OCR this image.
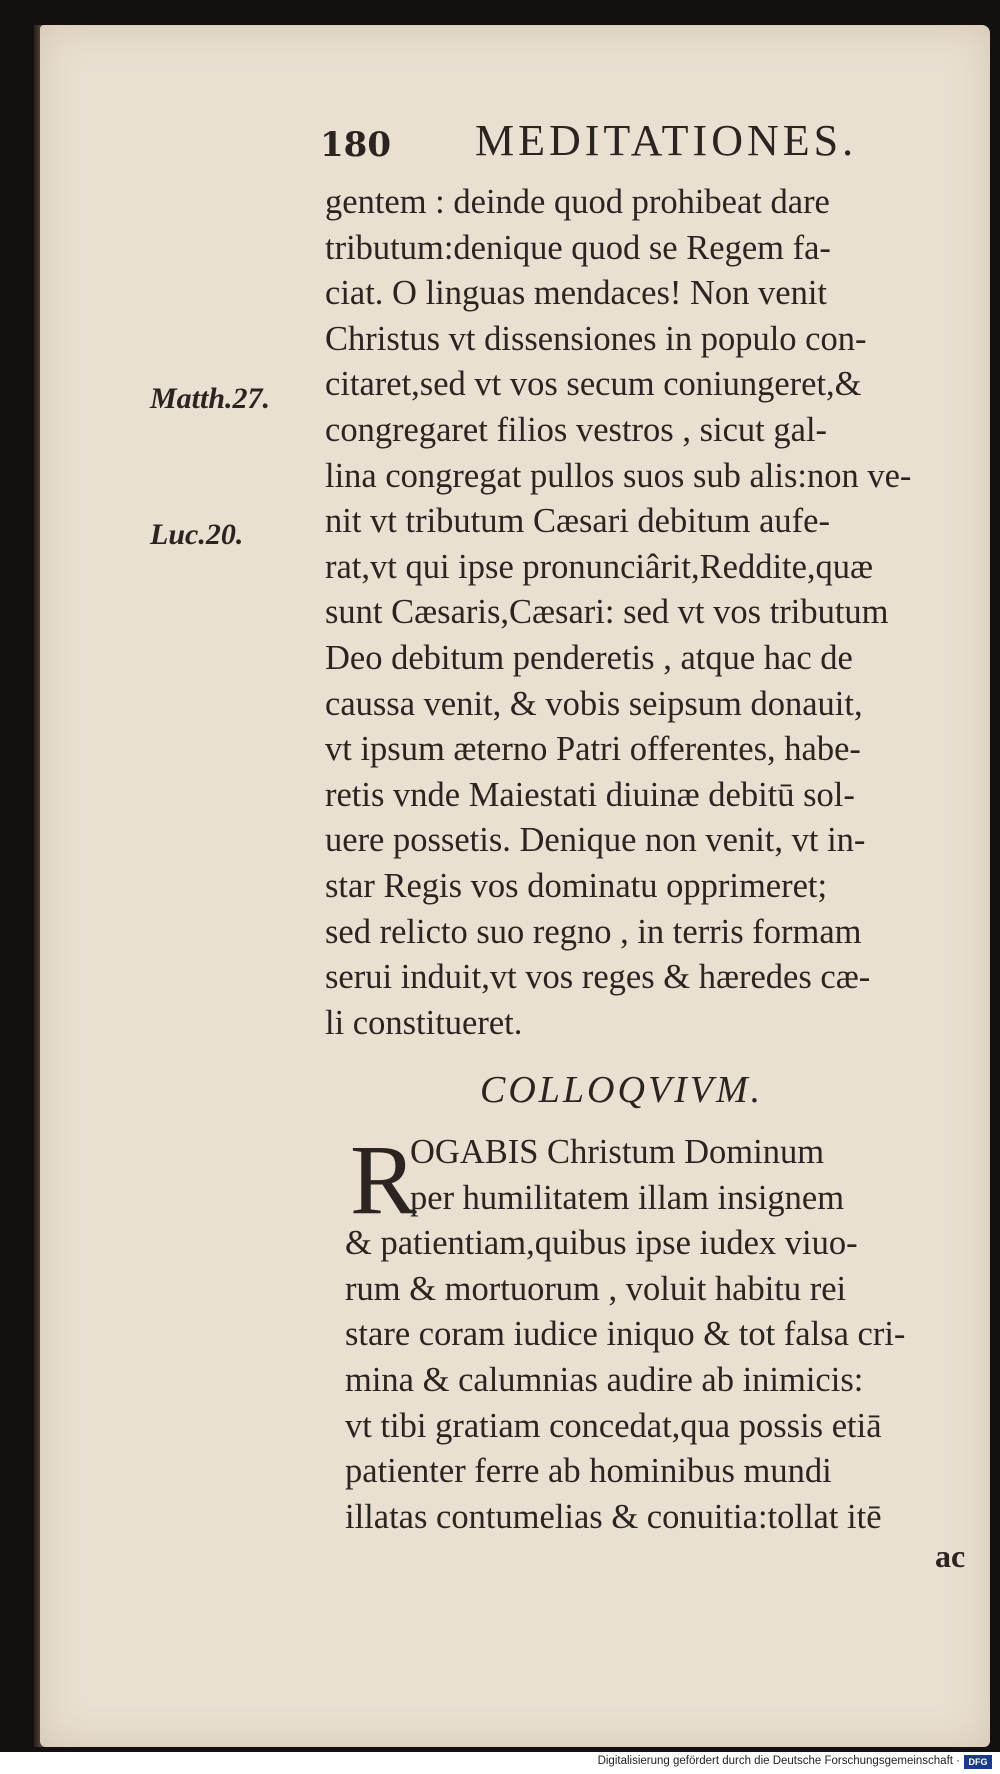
180 MEDITATIONES.
Matth.27.
Luc.20.
gentem : deinde quod prohibeat dare
tributum:denique quod se Regem fa-
ciat. O linguas mendaces! Non venit
Christus vt dissensiones in populo con-
citaret,sed vt vos secum coniungeret,&
congregaret filios vestros , sicut gal-
lina congregat pullos suos sub alis:non ve-
nit vt tributum Cæsari debitum aufe-
rat,vt qui ipse pronunciârit,Reddite,quæ
sunt Cæsaris,Cæsari: sed vt vos tributum
Deo debitum penderetis , atque hac de
caussa venit, & vobis seipsum donauit,
vt ipsum æterno Patri offerentes, habe-
retis vnde Maiestati diuinæ debitū sol-
uere possetis. Denique non venit, vt in-
star Regis vos dominatu opprimeret;
sed relicto suo regno , in terris formam
serui induit,vt vos reges & hæredes cæ-
li constitueret.
COLLOQVIVM.
R
OGABIS Christum Dominum
per humilitatem illam insignem
& patientiam,quibus ipse iudex viuo-
rum & mortuorum , voluit habitu rei
stare coram iudice iniquo & tot falsa cri-
mina & calumnias audire ab inimicis:
vt tibi gratiam concedat,qua possis etiā
patienter ferre ab hominibus mundi
illatas contumelias & conuitia:tollat itē
ac
Digitalisierung gefördert durch die Deutsche Forschungsgemeinschaft · DFG
